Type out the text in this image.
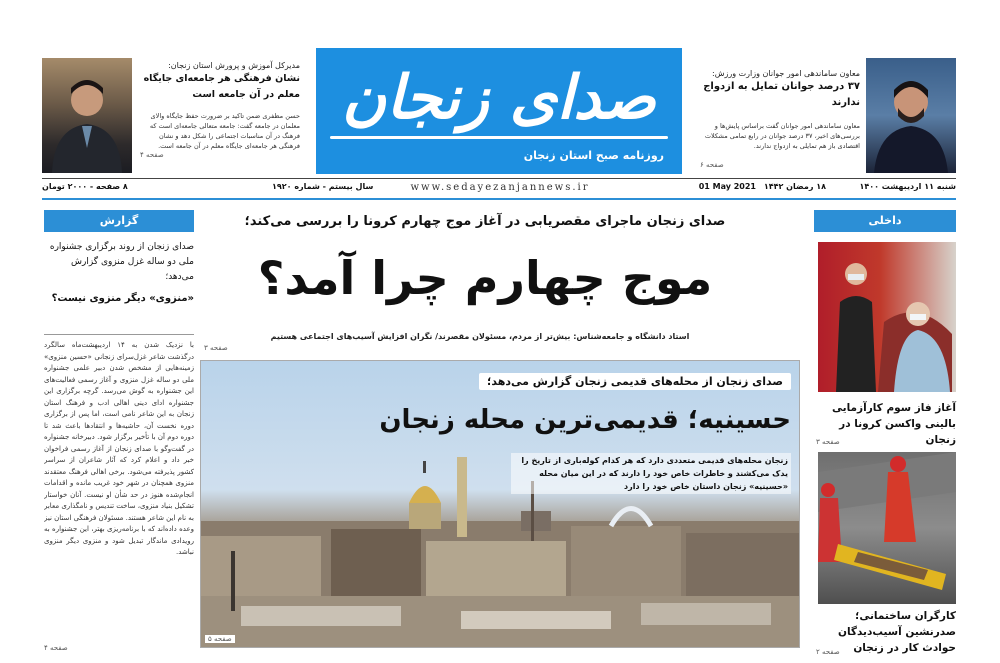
صدای زنجان
روزنامه صبح استان زنجان
www.sedayezanjannews.ir
مدیرکل آموزش و پرورش استان زنجان:
نشان فرهنگی هر جامعه‌ای جایگاه معلم در آن جامعه است
حسن مظفری ضمن تاکید بر ضرورت حفظ جایگاه والای معلمان در جامعه گفت: جامعه متعالی جامعه‌ای است که فرهنگ در آن مناسبات اجتماعی را شکل دهد و نشان فرهنگی هر جامعه‌ای جایگاه معلم در آن جامعه است.
صفحه ۴
معاون ساماندهی امور جوانان وزارت ورزش:
۳۷ درصد جوانان تمایل به ازدواج ندارند
معاون ساماندهی امور جوانان گفت براساس پایش‌ها و بررسی‌های اخیر، ۳۷ درصد جوانان در رابع تمامی مشکلات اقتصادی باز هم تمایلی به ازدواج ندارند.
صفحه ۶
شنبه ۱۱ اردیبهشت ۱۴۰۰
۱۸ رمضان ۱۴۴۲
01 May 2021
سال بیستم - شماره ۱۹۲۰
۸ صفحه - ۲۰۰۰ تومان
گزارش
صدای زنجان از روند برگزاری جشنواره ملی دو ساله غزل منزوی گزارش می‌دهد؛
«منزوی» دیگر منزوی نیست؟
با نزدیک شدن به ۱۴ اردیبهشت‌ماه سالگرد درگذشت شاعر غزل‌سرای زنجانی «حسین منزوی» زمینه‌هایی از مشخص شدن دبیر علمی جشنواره ملی دو ساله غزل منزوی و آغاز رسمی فعالیت‌های این جشنواره به گوش می‌رسد. گرچه برگزاری این جشنواره ادای دینی اهالی ادب و فرهنگ استان زنجان به این شاعر نامی است، اما پس از برگزاری دوره نخست آن، حاشیه‌ها و انتقادها باعث شد تا دوره دوم آن با تأخیر برگزار شود. دبیرخانه جشنواره در گفت‌وگو با صدای زنجان از آغاز رسمی فراخوان خبر داد و اعلام کرد که آثار شاعران از سراسر کشور پذیرفته می‌شود. برخی اهالی فرهنگ معتقدند منزوی همچنان در شهر خود غریب مانده و اقدامات انجام‌شده هنوز در حد شأن او نیست. آنان خواستار تشکیل بنیاد منزوی، ساخت تندیس و نامگذاری معابر به نام این شاعر هستند. مسئولان فرهنگی استان نیز وعده داده‌اند که با برنامه‌ریزی بهتر، این جشنواره به رویدادی ماندگار تبدیل شود و منزوی دیگر منزوی نباشد.
صفحه ۴
صدای زنجان ماجرای مقصریابی در آغاز موج چهارم کرونا را بررسی می‌کند؛
موج چهارم چرا آمد؟
استاد دانشگاه و جامعه‌شناس: بیش‌تر از مردم، مسئولان مقصرند/ نگران افزایش آسیب‌های اجتماعی هستیم
صفحه ۳
صدای زنجان از محله‌های قدیمی زنجان گزارش می‌دهد؛
حسینیه؛ قدیمی‌ترین محله زنجان
زنجان محله‌های قدیمی متعددی دارد که هر کدام کوله‌باری از تاریخ را یدک می‌کشند و خاطرات خاص خود را دارند که در این میان محله «حسینیه» زنجان داستان خاص خود را دارد
صفحه ۵
داخلی
آغاز فاز سوم کارآزمایی بالینی واکسن کرونا در زنجان
صفحه ۳
کارگران ساختمانی؛ صدرنشین آسیب‌دیدگان حوادث کار در زنجان
صفحه ۲
